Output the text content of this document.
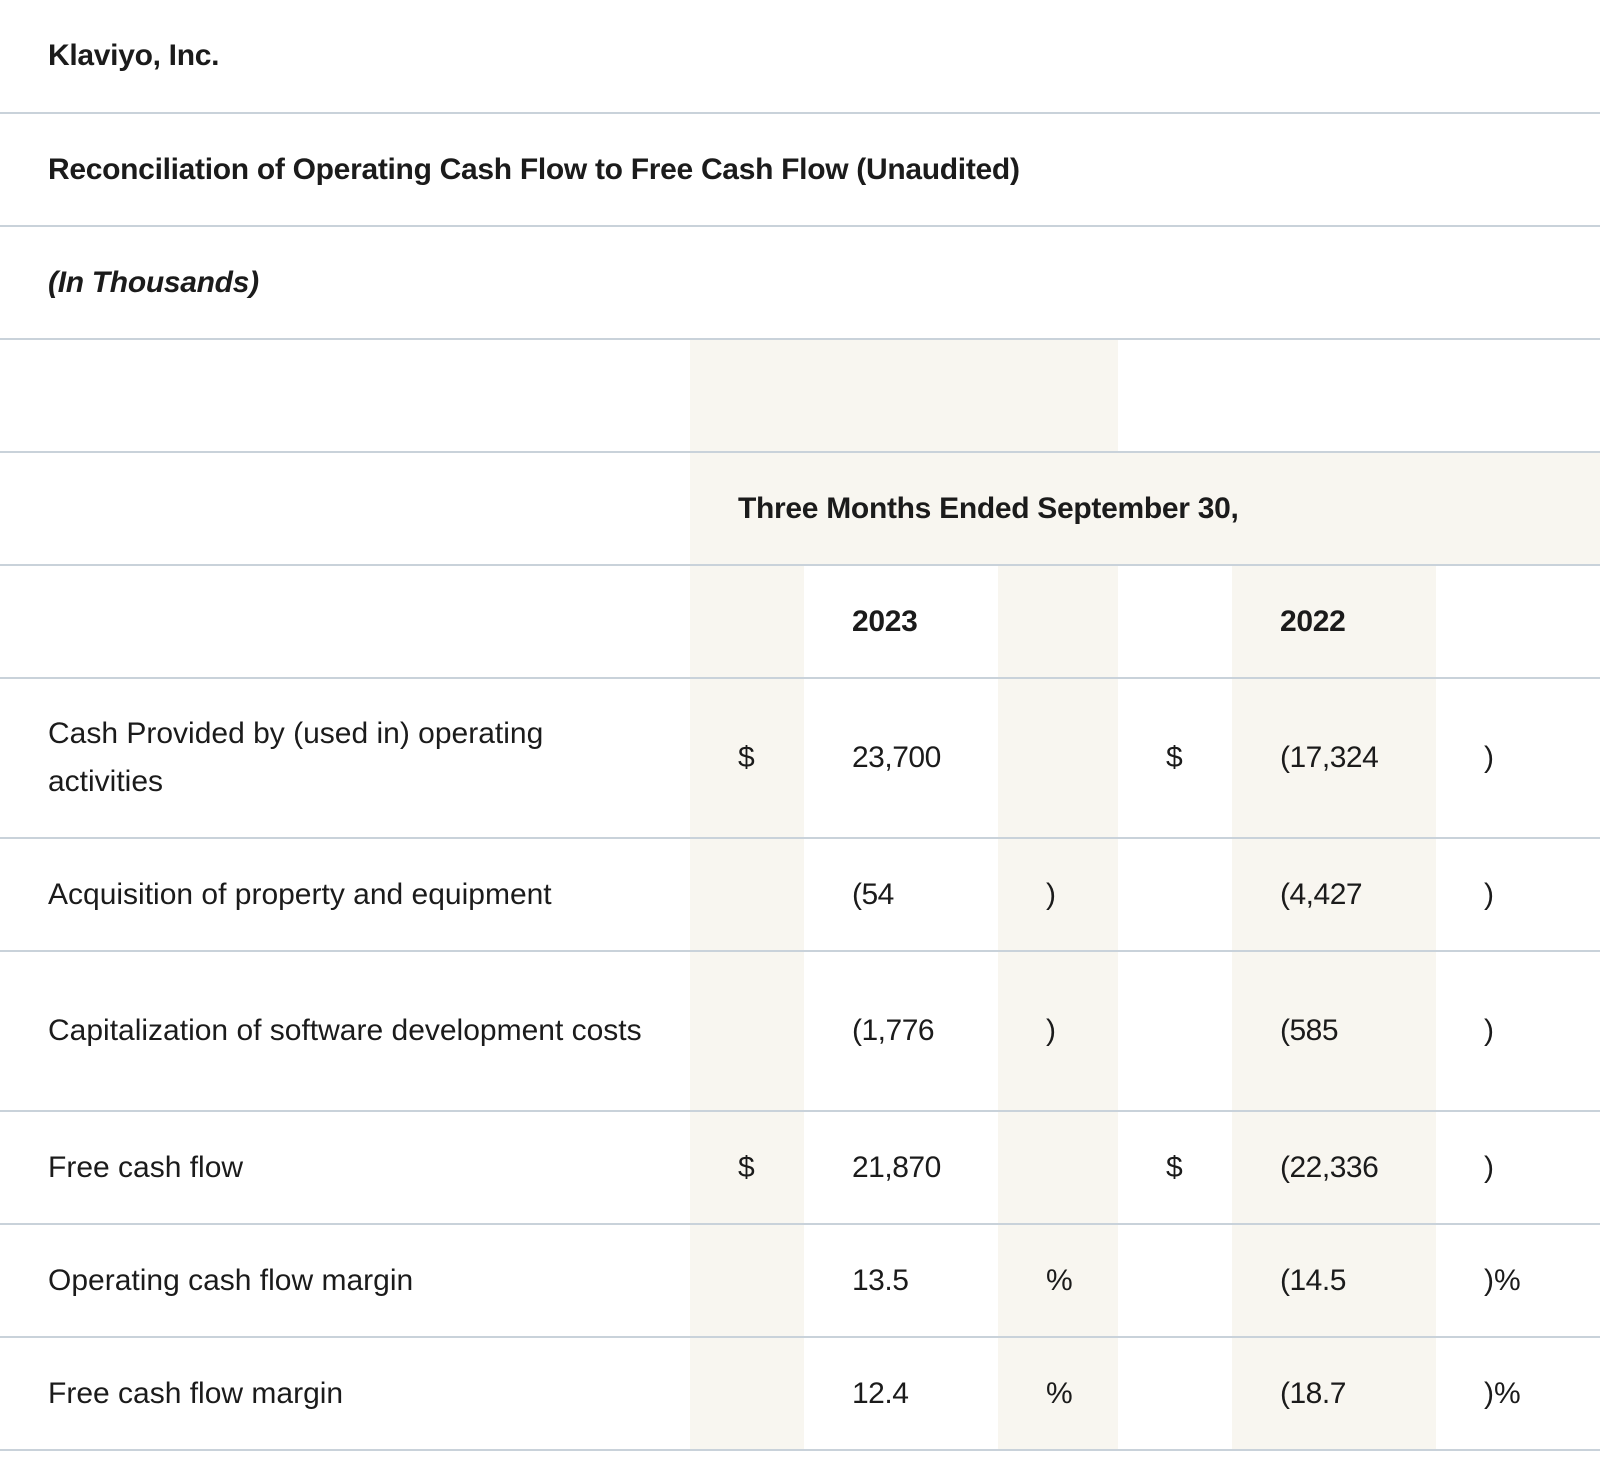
Klaviyo, Inc.						
Reconciliation of Operating Cash Flow to Free Cash Flow (Unaudited)						
(In Thousands)						

	Three Months Ended September 30,					
		2023			2022	
Cash Provided by (used in) operating activities	$	23,700		$	(17,324	)
Acquisition of property and equipment		(54	)		(4,427	)
Capitalization of software development costs		(1,776	)		(585	)
Free cash flow	$	21,870		$	(22,336	)
Operating cash flow margin		13.5	%		(14.5	)%
Free cash flow margin		12.4	%		(18.7	)%
